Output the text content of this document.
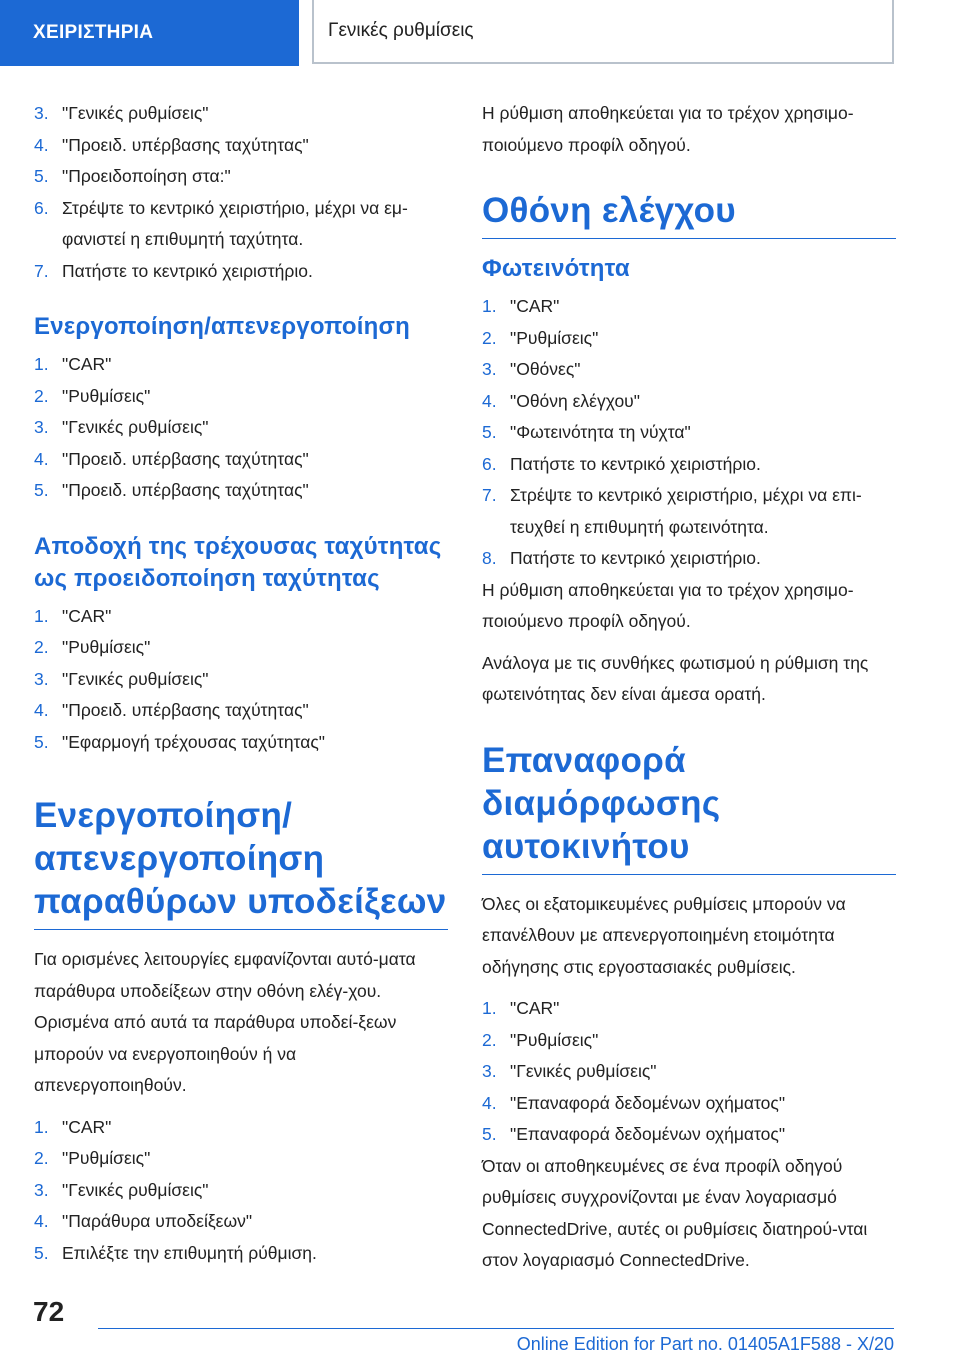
ΧΕΙΡΙΣΤΗΡΙΑ	Γενικές ρυθμίσεις
3. "Γενικές ρυθμίσεις"
4. "Προειδ. υπέρβασης ταχύτητας"
5. "Προειδοποίηση στα:"
6. Στρέψτε το κεντρικό χειριστήριο, μέχρι να εμ-φανιστεί η επιθυμητή ταχύτητα.
7. Πατήστε το κεντρικό χειριστήριο.
Ενεργοποίηση/απενεργοποίηση
1. "CAR"
2. "Ρυθμίσεις"
3. "Γενικές ρυθμίσεις"
4. "Προειδ. υπέρβασης ταχύτητας"
5. "Προειδ. υπέρβασης ταχύτητας"
Αποδοχή της τρέχουσας ταχύτητας ως προειδοποίηση ταχύτητας
1. "CAR"
2. "Ρυθμίσεις"
3. "Γενικές ρυθμίσεις"
4. "Προειδ. υπέρβασης ταχύτητας"
5. "Εφαρμογή τρέχουσας ταχύτητας"
Ενεργοποίηση/ απενεργοποίηση παραθύρων υποδείξεων

Για ορισμένες λειτουργίες εμφανίζονται αυτό-ματα παράθυρα υποδείξεων στην οθόνη ελέγ-χου. Ορισμένα από αυτά τα παράθυρα υποδεί-ξεων μπορούν να ενεργοποιηθούν ή να απενεργοποιηθούν.

1. "CAR"
2. "Ρυθμίσεις"
3. "Γενικές ρυθμίσεις"
4. "Παράθυρα υποδείξεων"
5. Επιλέξτε την επιθυμητή ρύθμιση.

Η ρύθμιση αποθηκεύεται για το τρέχον χρησιμο-ποιούμενο προφίλ οδηγού.

Οθόνη ελέγχου
Φωτεινότητα
1. "CAR"
2. "Ρυθμίσεις"
3. "Οθόνες"
4. "Οθόνη ελέγχου"
5. "Φωτεινότητα τη νύχτα"
6. Πατήστε το κεντρικό χειριστήριο.
7. Στρέψτε το κεντρικό χειριστήριο, μέχρι να επι-τευχθεί η επιθυμητή φωτεινότητα.
8. Πατήστε το κεντρικό χειριστήριο.

Η ρύθμιση αποθηκεύεται για το τρέχον χρησιμο-ποιούμενο προφίλ οδηγού.

Ανάλογα με τις συνθήκες φωτισμού η ρύθμιση της φωτεινότητας δεν είναι άμεσα ορατή.

Επαναφορά διαμόρφωσης αυτοκινήτου

Όλες οι εξατομικευμένες ρυθμίσεις μπορούν να επανέλθουν με απενεργοποιημένη ετοιμότητα οδήγησης στις εργοστασιακές ρυθμίσεις.

1. "CAR"
2. "Ρυθμίσεις"
3. "Γενικές ρυθμίσεις"
4. "Επαναφορά δεδομένων οχήματος"
5. "Επαναφορά δεδομένων οχήματος"

Όταν οι αποθηκευμένες σε ένα προφίλ οδηγού ρυθμίσεις συγχρονίζονται με έναν λογαριασμό ConnectedDrive, αυτές οι ρυθμίσεις διατηρού-νται στον λογαριασμό ConnectedDrive.

72
Online Edition for Part no. 01405A1F588 - X/20
